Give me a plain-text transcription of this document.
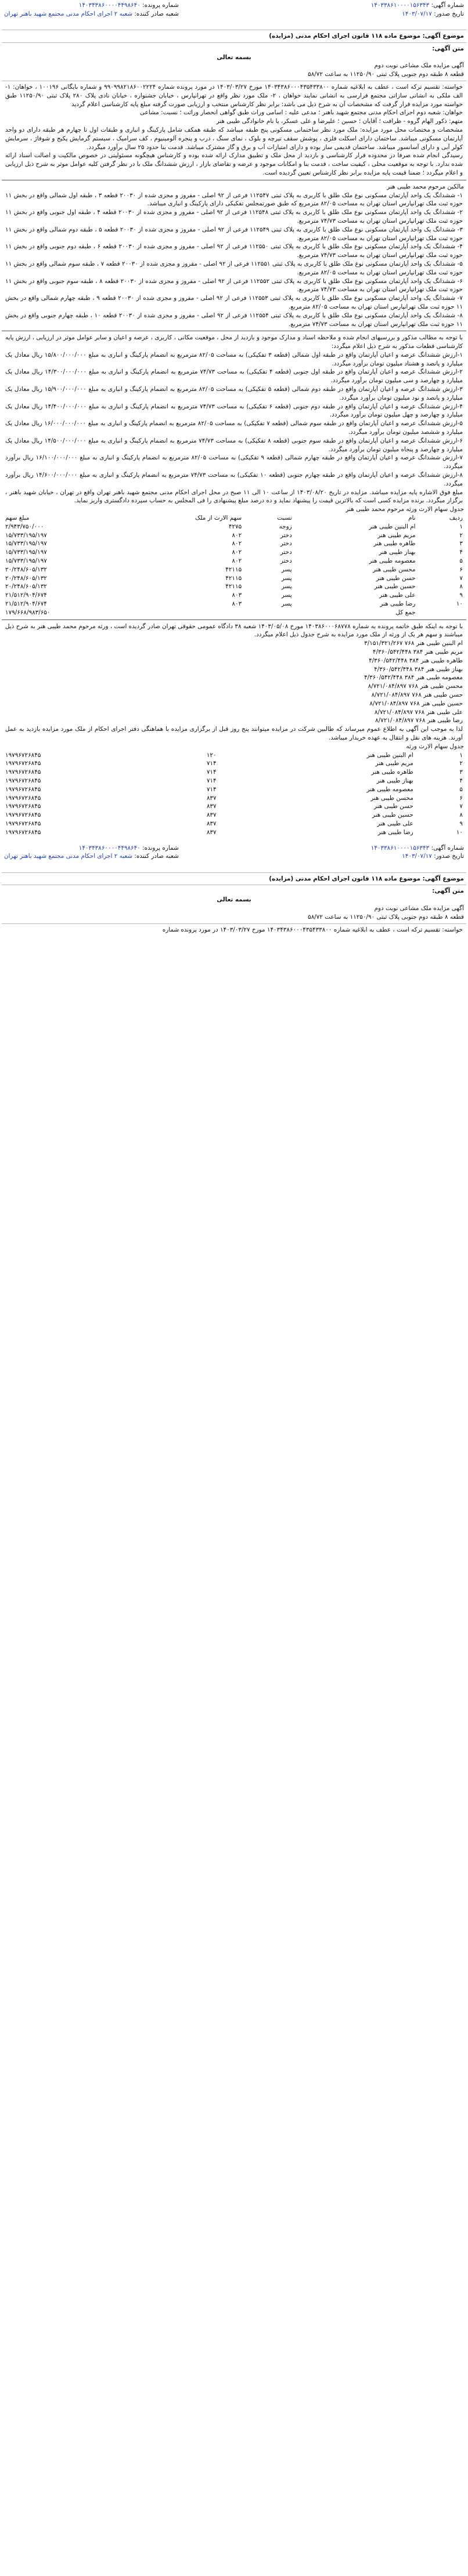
شماره آگهی: ۱۴۰۳۳۸۶۱۰۰۰۰۱۵۶۳۴۳
تاریخ صدور: ۱۴۰۳/۰۷/۱۷
شماره پرونده: ۱۴۰۳۴۳۸۶۰۰۰۰۴۴۹۸۶۴۰
شعبه صادر کننده: شعبه ۲ اجرای احکام مدنی مجتمع شهید باهنر تهران
موضوع آگهی: موضوع ماده ۱۱۸ قانون اجرای احکام مدنی (مزایده)
متن آگهی:
بسمه تعالی
آگهی مزایده ملک مشاعی نوبت دوم
قطعه ۸ طبقه دوم جنوبی پلاک ثبتی ۱۱۲۵۰/۹۰ به ساعت ۵۸/۷۲

خواسته: تقسیم ترکه است ، عطف به ابلاغیه شماره ۱۴۰۳۴۳۸۶۰۰۰۴۳۵۴۳۳۸۰۰ مورخ ۱۴۰۳/۰۳/۲۷ در مورد پرونده شماره ۹۹۰۹۹۸۲۱۸۶۰۰۲۲۲۴ و شماره بایگانی ۱۰۰۱۹۶ ، خواهان: ۱- الف ملکی به انشانی سازاتی مجتمع فرارسی به انشانی نمایند خواهان ، ۲- ملک مورد نظر واقع در تهرانپارس ، خیابان جشنواره ، خیابان نادی پلاک ۲۸۰ پلاک ثبتی ۱۱۲۵۰/۹۰ طبق خواسته مورد مزایده قرار گرفت که مشخصات آن به شرح ذیل می باشد: برابر نظر کارشناس منتخب و ارزیابی صورت گرفته مبلغ پایه کارشناسی اعلام گردید

خواهان: شعبه دوم اجرای احکام مدنی مجتمع شهید باهنر ؛ مدعی علیه : اسامی وراث طبق گواهی انحصار وراثت ؛ نسبت: مشاعی

متهم: ذکور الهام گروه - ظرافت ؛ آقایان ؛ حسین ؛ علیرضا و علی عسکر، یا نام خانوادگی طیبی هنر

مشخصات و مختصات محل مورد مزایده: ملک مورد نظر ساختمانی مسکونی پنج طبقه میباشد که طبقه همکف شامل پارکینگ و انباری و طبقات اول تا چهارم هر طبقه دارای دو واحد آپارتمان مسکونی میباشد. ساختمان دارای اسکلت فلزی ، پوشش سقف تیرچه و بلوک ، نمای سنگ ، درب و پنجره آلومینیوم ، کف سرامیک ، سیستم گرمایش پکیج و شوفاژ ، سرمایش کولر آبی و دارای آسانسور میباشد. ساختمان قدیمی ساز بوده و دارای امتیازات آب و برق و گاز مشترک میباشد. قدمت بنا حدود ۲۵ سال برآورد میگردد.

رسیدگی انجام شده صرفا در محدوده قرار کارشناسی و بازدید از محل ملک و تطبیق مدارک ارائه شده بوده و کارشناس هیچگونه مسئولیتی در خصوص مالکیت و اصالت اسناد ارائه شده ندارد. با توجه به موقعیت محلی ، کیفیت ساخت ، قدمت بنا و امکانات موجود و عرضه و تقاضای بازار ، ارزش ششدانگ ملک با در نظر گرفتن کلیه عوامل موثر به شرح ذیل ارزیابی و اعلام میگردد ؛ ضمنا قیمت پایه مزایده برابر نظر کارشناس تعیین گردیده است.

مالکین مرحوم محمد طیبی هنر

۱- ششدانگ یک واحد آپارتمان مسکونی نوع ملک طلق با کاربری به پلاک ثبتی ۱۱۲۵۴۷ فرعی از ۹۲ اصلی - مفروز و مجزی شده از ۲۰۰۳۰ قطعه ۳ ، طبقه اول شمالی واقع در بخش ۱۱ حوزه ثبت ملک تهرانپارس استان تهران به مساحت ۸۲/۰۵ مترمربع که طبق صورتمجلس تفکیکی دارای پارکینگ و انباری میباشد.

۲- ششدانگ یک واحد آپارتمان مسکونی نوع ملک طلق با کاربری به پلاک ثبتی ۱۱۲۵۴۸ فرعی از ۹۲ اصلی - مفروز و مجزی شده از ۲۰۰۳۰ قطعه ۴ ، طبقه اول جنوبی واقع در بخش ۱۱ حوزه ثبت ملک تهرانپارس استان تهران به مساحت ۷۴/۷۳ مترمربع.

۳- ششدانگ یک واحد آپارتمان مسکونی نوع ملک طلق با کاربری به پلاک ثبتی ۱۱۲۵۴۹ فرعی از ۹۲ اصلی - مفروز و مجزی شده از ۲۰۰۳۰ قطعه ۵ ، طبقه دوم شمالی واقع در بخش ۱۱ حوزه ثبت ملک تهرانپارس استان تهران به مساحت ۸۲/۰۵ مترمربع.

۴- ششدانگ یک واحد آپارتمان مسکونی نوع ملک طلق با کاربری به پلاک ثبتی ۱۱۲۵۵۰ فرعی از ۹۲ اصلی - مفروز و مجزی شده از ۲۰۰۳۰ قطعه ۶ ، طبقه دوم جنوبی واقع در بخش ۱۱ حوزه ثبت ملک تهرانپارس استان تهران به مساحت ۷۴/۷۳ مترمربع.

۵- ششدانگ یک واحد آپارتمان مسکونی نوع ملک طلق با کاربری به پلاک ثبتی ۱۱۲۵۵۱ فرعی از ۹۲ اصلی - مفروز و مجزی شده از ۲۰۰۳۰ قطعه ۷ ، طبقه سوم شمالی واقع در بخش ۱۱ حوزه ثبت ملک تهرانپارس استان تهران به مساحت ۸۲/۰۵ مترمربع.

۶- ششدانگ یک واحد آپارتمان مسکونی نوع ملک طلق با کاربری به پلاک ثبتی ۱۱۲۵۵۲ فرعی از ۹۲ اصلی - مفروز و مجزی شده از ۲۰۰۳۰ قطعه ۸ ، طبقه سوم جنوبی واقع در بخش ۱۱ حوزه ثبت ملک تهرانپارس استان تهران به مساحت ۷۴/۷۳ مترمربع.

۷- ششدانگ یک واحد آپارتمان مسکونی نوع ملک طلق با کاربری به پلاک ثبتی ۱۱۲۵۵۳ فرعی از ۹۲ اصلی - مفروز و مجزی شده از ۲۰۰۳۰ قطعه ۹ ، طبقه چهارم شمالی واقع در بخش ۱۱ حوزه ثبت ملک تهرانپارس استان تهران به مساحت ۸۲/۰۵ مترمربع.

۸- ششدانگ یک واحد آپارتمان مسکونی نوع ملک طلق با کاربری به پلاک ثبتی ۱۱۲۵۵۴ فرعی از ۹۲ اصلی - مفروز و مجزی شده از ۲۰۰۳۰ قطعه ۱۰ ، طبقه چهارم جنوبی واقع در بخش ۱۱ حوزه ثبت ملک تهرانپارس استان تهران به مساحت ۷۴/۷۳ مترمربع.

با توجه به مطالب مذکور و بررسیهای انجام شده و ملاحظه اسناد و مدارک موجود و بازدید از محل ، موقعیت مکانی ، کاربری ، عرصه و اعیان و سایر عوامل موثر در ارزیابی ، ارزش پایه کارشناسی قطعات مذکور به شرح ذیل اعلام میگردد:

۱-ارزش ششدانگ عرصه و اعیان آپارتمان واقع در طبقه اول شمالی (قطعه ۳ تفکیکی) به مساحت ۸۲/۰۵ مترمربع به انضمام پارکینگ و انباری به مبلغ ۱۵/۸۰۰/۰۰۰/۰۰۰ ریال معادل یک میلیارد و پانصد و هشتاد میلیون تومان برآورد میگردد.

۲-ارزش ششدانگ عرصه و اعیان آپارتمان واقع در طبقه اول جنوبی (قطعه ۴ تفکیکی) به مساحت ۷۴/۷۳ مترمربع به انضمام پارکینگ و انباری به مبلغ ۱۴/۳۰۰/۰۰۰/۰۰۰ ریال معادل یک میلیارد و چهارصد و سی میلیون تومان برآورد میگردد.

۳-ارزش ششدانگ عرصه و اعیان آپارتمان واقع در طبقه دوم شمالی (قطعه ۵ تفکیکی) به مساحت ۸۲/۰۵ مترمربع به انضمام پارکینگ و انباری به مبلغ ۱۵/۹۰۰/۰۰۰/۰۰۰ ریال معادل یک میلیارد و پانصد و نود میلیون تومان برآورد میگردد.

۴-ارزش ششدانگ عرصه و اعیان آپارتمان واقع در طبقه دوم جنوبی (قطعه ۶ تفکیکی) به مساحت ۷۴/۷۳ مترمربع به انضمام پارکینگ و انباری به مبلغ ۱۴/۴۰۰/۰۰۰/۰۰۰ ریال معادل یک میلیارد و چهارصد و چهل میلیون تومان برآورد میگردد.

۵-ارزش ششدانگ عرصه و اعیان آپارتمان واقع در طبقه سوم شمالی (قطعه ۷ تفکیکی) به مساحت ۸۲/۰۵ مترمربع به انضمام پارکینگ و انباری به مبلغ ۱۶/۰۰۰/۰۰۰/۰۰۰ ریال معادل یک میلیارد و ششصد میلیون تومان برآورد میگردد.

۶-ارزش ششدانگ عرصه و اعیان آپارتمان واقع در طبقه سوم جنوبی (قطعه ۸ تفکیکی) به مساحت ۷۴/۷۳ مترمربع به انضمام پارکینگ و انباری به مبلغ ۱۴/۵۰۰/۰۰۰/۰۰۰ ریال معادل یک میلیارد و چهارصد و پنجاه میلیون تومان برآورد میگردد.

۷-ارزش ششدانگ عرصه و اعیان آپارتمان واقع در طبقه چهارم شمالی (قطعه ۹ تفکیکی) به مساحت ۸۲/۰۵ مترمربع به انضمام پارکینگ و انباری به مبلغ ۱۶/۱۰۰/۰۰۰/۰۰۰ ریال برآورد میگردد.

۸-ارزش ششدانگ عرصه و اعیان آپارتمان واقع در طبقه چهارم جنوبی (قطعه ۱۰ تفکیکی) به مساحت ۷۴/۷۳ مترمربع به انضمام پارکینگ و انباری به مبلغ ۱۴/۶۰۰/۰۰۰/۰۰۰ ریال برآورد میگردد.

مبلغ فوق الاشاره پایه مزایده میباشد. مزایده در تاریخ ۱۴۰۳/۰۸/۲۰ از ساعت ۱۰ الی ۱۱ صبح در محل اجرای احکام مدنی مجتمع شهید باهنر تهران واقع در تهران ، خیابان شهید باهنر ، برگزار میگردد. برنده مزایده کسی است که بالاترین قیمت را پیشنهاد نماید و ده درصد مبلغ پیشنهادی را فی المجلس به حساب سپرده دادگستری واریز نماید.

جدول سهام الارث ورثه مرحوم محمد طیبی هنر
ردیف	نام	نسبت	سهم الارث از ملک	مبلغ سهم
۱	ام البنین طیبی هنر	زوجه	۴۲۷۵	۲/۹۴۳/۷۵۰/۰۰۰
۲	مریم طیبی هنر	دختر	۸۰۲	۱۵/۷۳۳/۱۹۵/۱۹۷
۳	طاهره طیبی هنر	دختر	۸۰۲	۱۵/۷۳۳/۱۹۵/۱۹۷
۴	بهناز طیبی هنر	دختر	۸۰۲	۱۵/۷۳۳/۱۹۵/۱۹۷
۵	معصومه طیبی هنر	دختر	۸۰۲	۱۵/۷۳۳/۱۹۵/۱۹۷
۶	محسن طیبی هنر	پسر	۴۲۱۱۵	۲۰/۲۴۸/۶۰۵/۱۳۲
۷	حسن طیبی هنر	پسر	۴۲۱۱۵	۲۰/۲۴۸/۶۰۵/۱۳۲
۸	حسین طیبی هنر	پسر	۴۲۱۱۵	۲۰/۲۴۸/۶۰۵/۱۳۲
۹	علی طیبی هنر	پسر	۸۰۳	۲۱/۵۱۲/۹۰۴/۶۷۴
۱۰	رضا طیبی هنر	پسر	۸۰۳	۲۱/۵۱۲/۹۰۴/۶۷۴
	جمع کل			۱۷۹/۶۶۸/۹۸۳/۶۵۰

با توجه به اینکه طبق خاتمه پرونده به شماره ۱۴۰۳۸۶۰۰۰۶۸۷۷۸ مورخ ۱۴۰۳/۰۵/۰۸ شعبه ۳۸ دادگاه عمومی حقوقی تهران صادر گردیده است ، ورثه مرحوم محمد طیبی هنر به شرح ذیل میباشند و سهم هر یک از ورثه از ملک مورد مزایده به شرح جدول ذیل اعلام میگردد.

ام البنین طیبی هنر ۷۶۸ ۳/۱۵۱/۳۲۱/۲۶۷
مریم طیبی هنر ۳۸۴ ۴/۳۶۰/۵۴۲/۴۴۸
طاهره طیبی هنر ۳۸۴ ۴/۳۶۰/۵۴۲/۴۴۸
بهناز طیبی هنر ۳۸۴ ۴/۳۶۰/۵۴۲/۴۴۸
معصومه طیبی هنر ۳۸۴ ۴/۳۶۰/۵۴۲/۴۴۸
محسن طیبی هنر ۷۶۸ ۸/۷۲۱/۰۸۴/۸۹۷
حسن طیبی هنر ۷۶۸ ۸/۷۲۱/۰۸۴/۸۹۷
حسین طیبی هنر ۷۶۸ ۸/۷۲۱/۰۸۴/۸۹۷
علی طیبی هنر ۷۶۸ ۸/۷۲۱/۰۸۴/۸۹۷
رضا طیبی هنر ۷۶۸ ۸/۷۲۱/۰۸۴/۸۹۷

لذا به موجب این آگهی به اطلاع عموم میرساند که طالبین شرکت در مزایده میتوانند پنج روز قبل از برگزاری مزایده با هماهنگی دفتر اجرای احکام از ملک مورد مزایده بازدید به عمل آورند. هزینه های نقل و انتقال به عهده خریدار میباشد.

جدول سهام الارث ورثه
۱	ام البنین طیبی هنر	۱۲۰	۱۹۷۹۶۷۲۶۸۴۵
۲	مریم طیبی هنر	۷۱۴	۱۹۷۹۶۷۲۶۸۴۵
۳	طاهره طیبی هنر	۷۱۴	۱۹۷۹۶۷۲۶۸۴۵
۴	بهناز طیبی هنر	۷۱۴	۱۹۷۹۶۷۲۶۸۴۵
۵	معصومه طیبی هنر	۷۱۴	۱۹۷۹۶۷۲۶۸۴۵
۶	محسن طیبی هنر	۸۳۷	۱۹۷۹۶۷۲۶۸۴۵
۷	حسن طیبی هنر	۸۳۷	۱۹۷۹۶۷۲۶۸۴۵
۸	حسین طیبی هنر	۸۳۷	۱۹۷۹۶۷۲۶۸۴۵
۹	علی طیبی هنر	۸۳۷	۱۹۷۹۶۷۲۶۸۴۵
۱۰	رضا طیبی هنر	۸۳۷	۱۹۷۹۶۷۲۶۸۴۵
شماره آگهی: ۱۴۰۳۳۸۶۱۰۰۰۰۱۵۶۳۴۳
تاریخ صدور: ۱۴۰۳/۰۷/۱۷
شماره پرونده: ۱۴۰۳۴۳۸۶۰۰۰۰۴۴۹۸۶۴۰
شعبه صادر کننده: شعبه ۲ اجرای احکام مدنی مجتمع شهید باهنر تهران
موضوع آگهی: موضوع ماده ۱۱۸ قانون اجرای احکام مدنی (مزایده)
متن آگهی:
بسمه تعالی
آگهی مزایده ملک مشاعی نوبت دوم
قطعه ۸ طبقه دوم جنوبی پلاک ثبتی ۱۱۲۵۰/۹۰ به ساعت ۵۸/۷۲

خواسته: تقسیم ترکه است ، عطف به ابلاغیه شماره ۱۴۰۳۴۳۸۶۰۰۰۴۳۵۴۳۳۸۰۰ مورخ ۱۴۰۳/۰۳/۲۷ در مورد پرونده شماره
